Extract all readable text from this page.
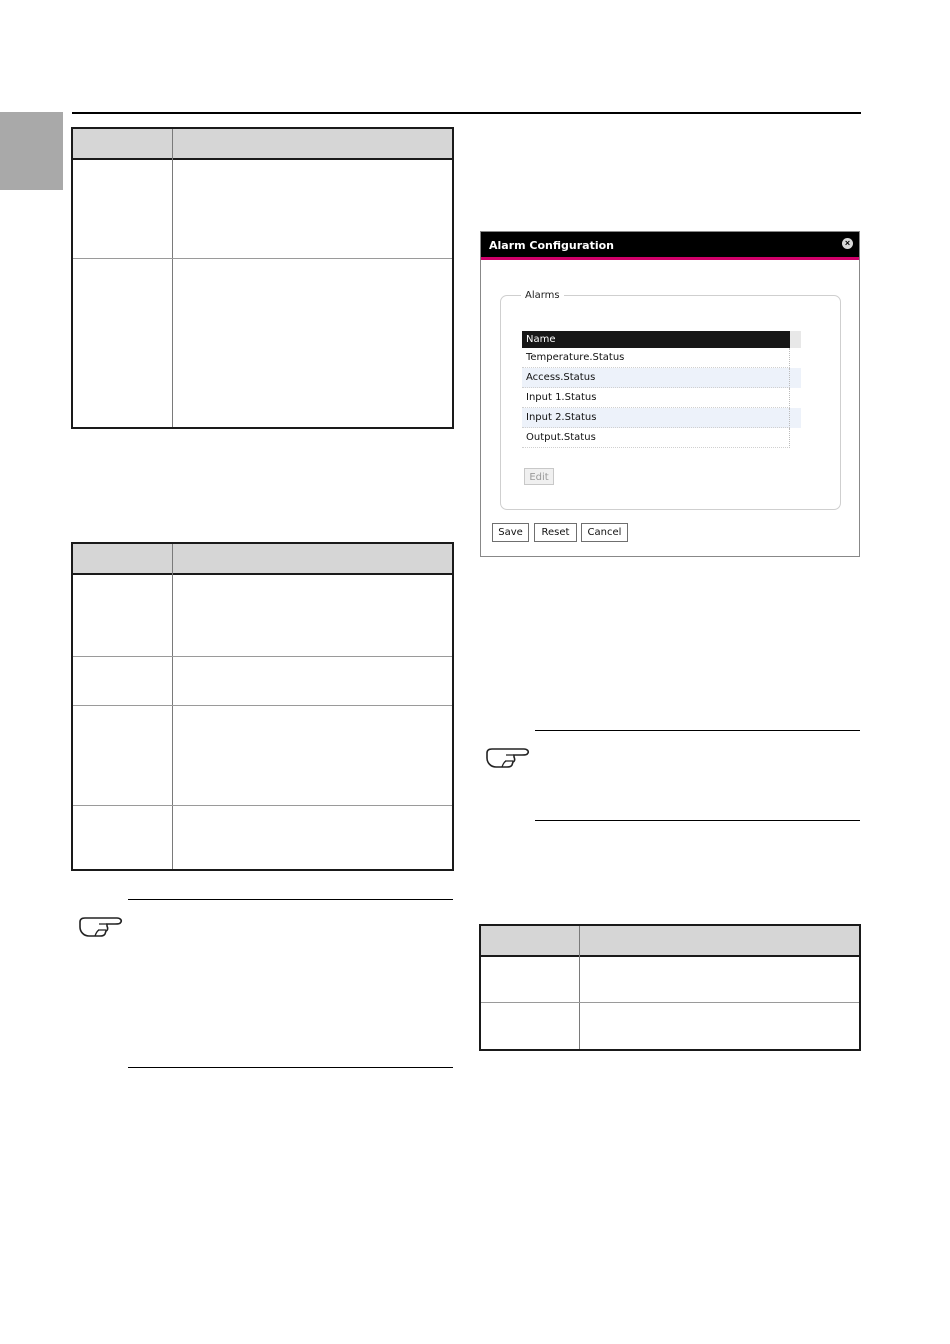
Alarm Configuration	×
Alarms
Name
Temperature.Status
Access.Status
Input 1.Status
Input 2.Status
Output.Status
Edit
Save	Reset	Cancel
